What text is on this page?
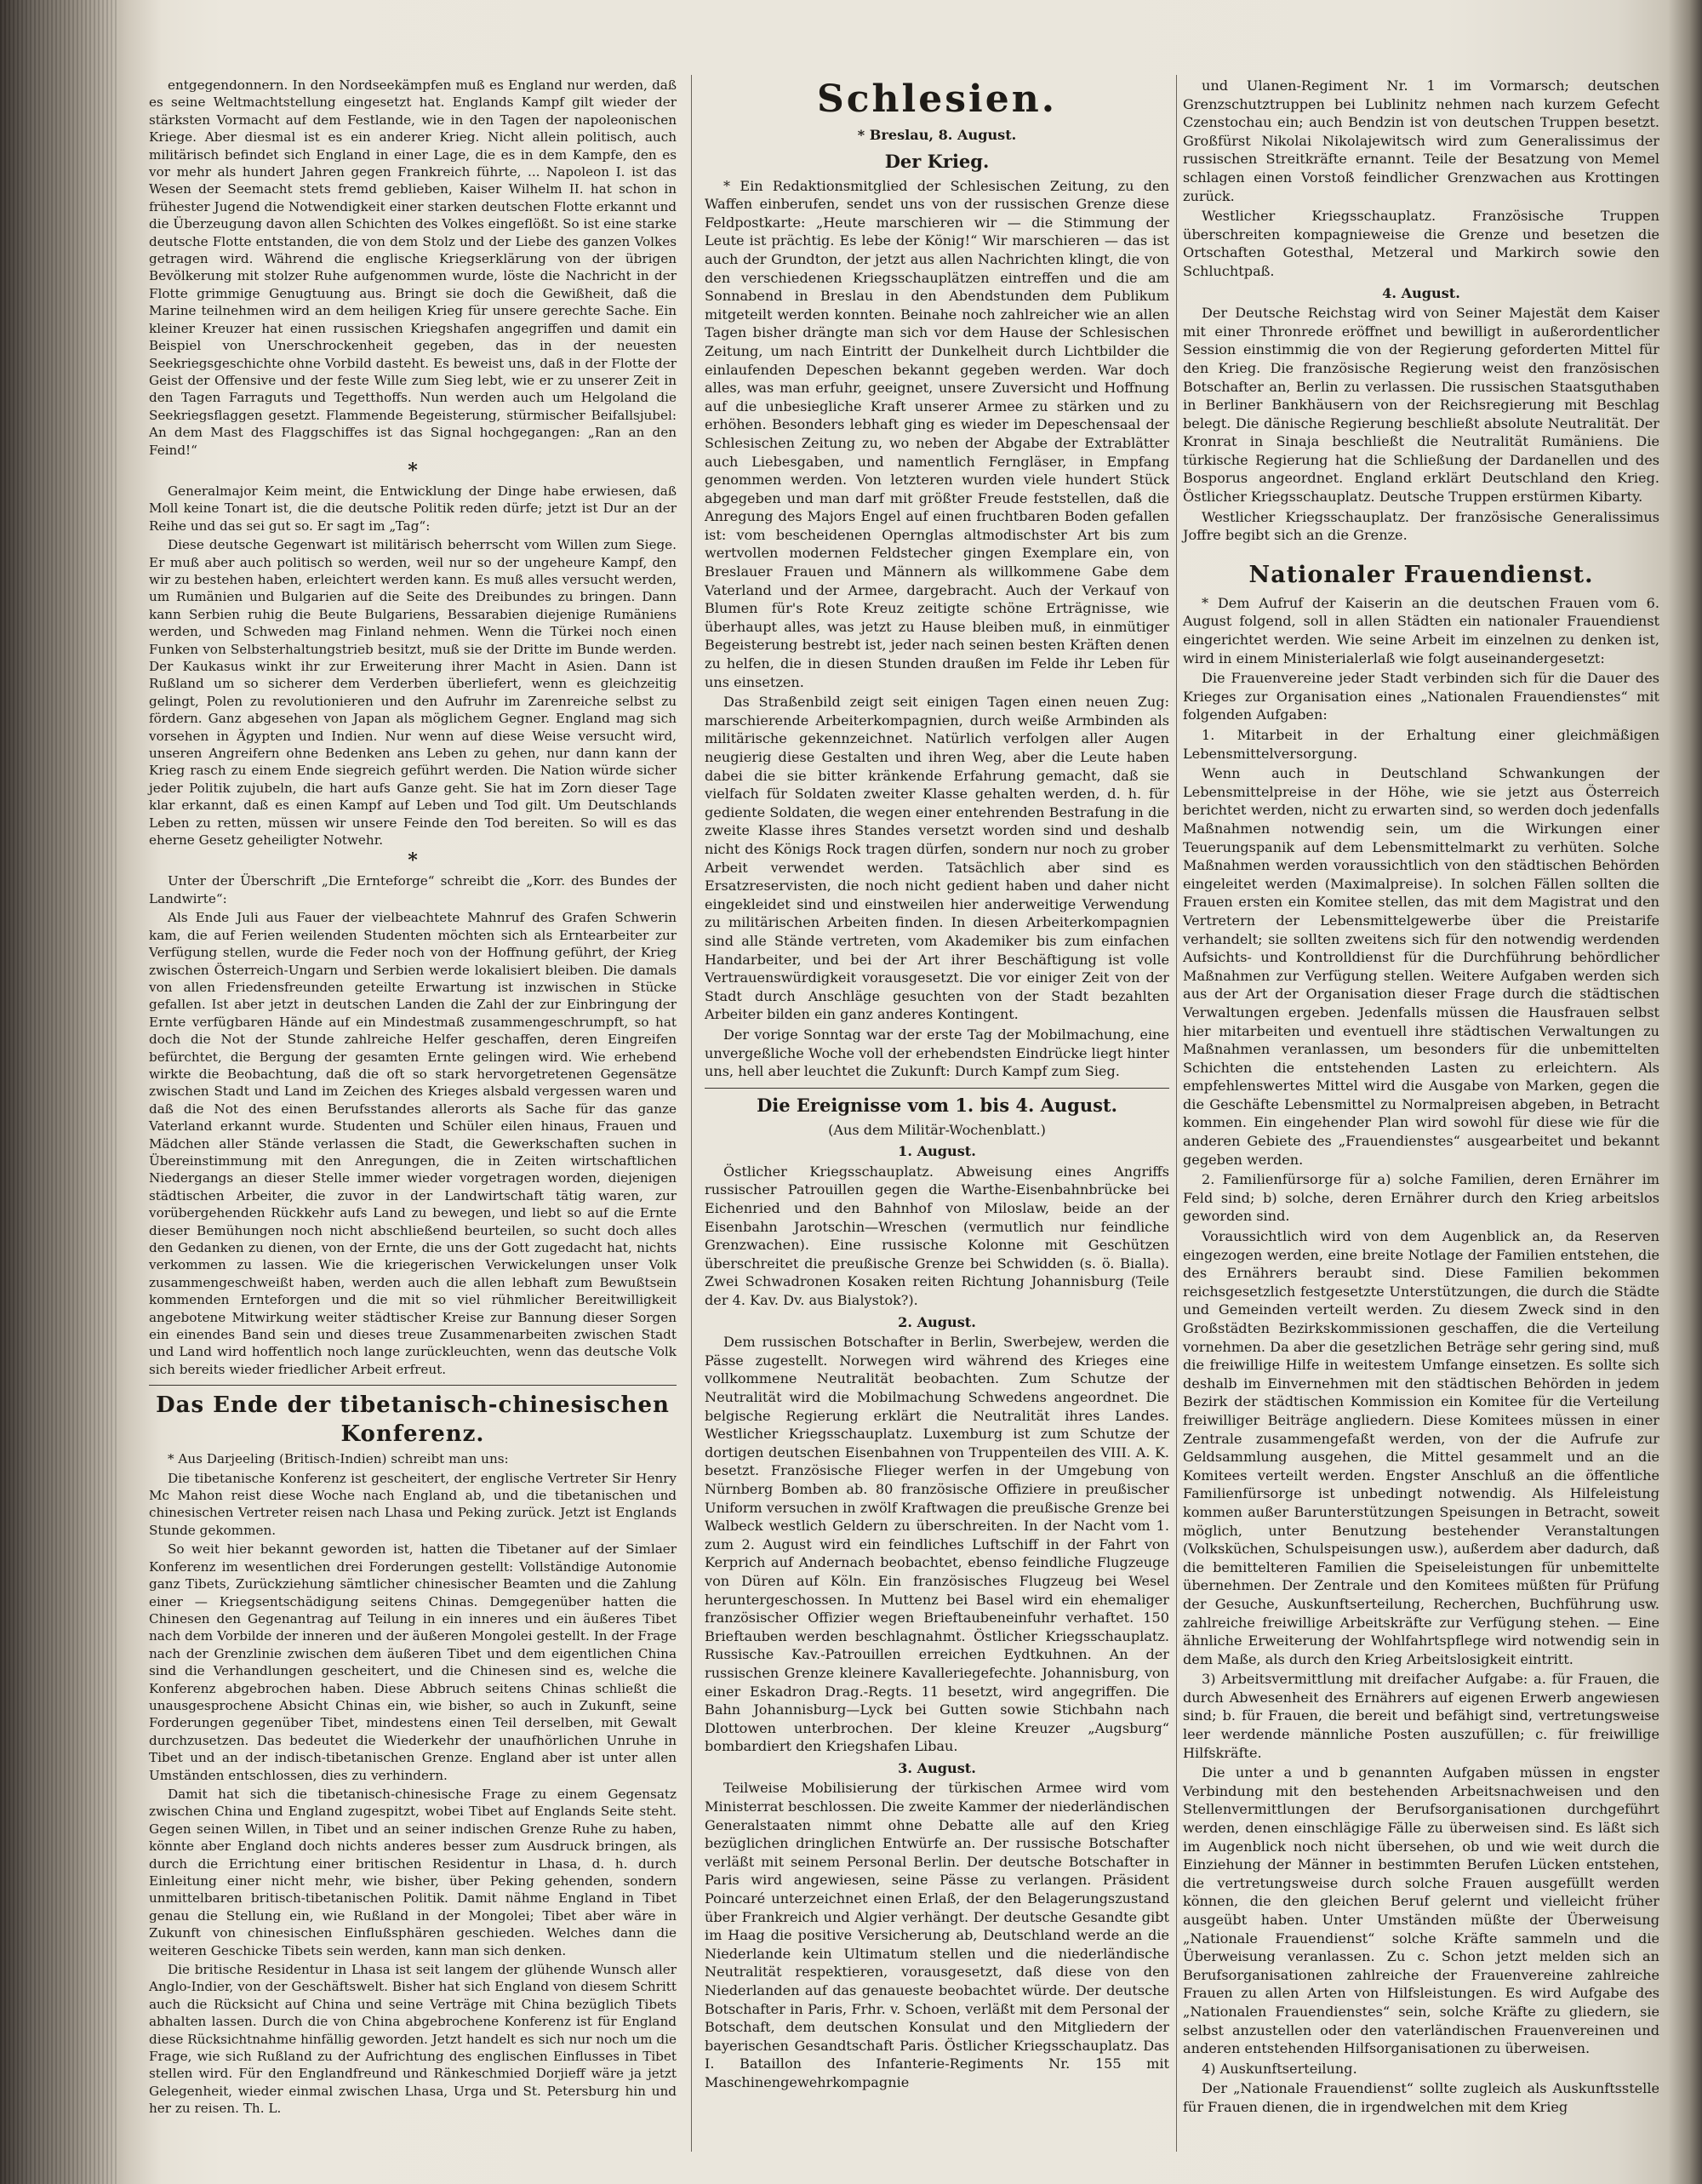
entgegendonnern. In den Nordseekämpfen muß es England nur werden, daß es seine Weltmachtstellung eingesetzt hat. Englands Kampf gilt wieder der stärksten Vormacht auf dem Festlande, wie in den Tagen der napoleonischen Kriege. Aber diesmal ist es ein anderer Krieg. Nicht allein politisch, auch militärisch befindet sich England in einer Lage, die es in dem Kampfe, den es vor mehr als hundert Jahren gegen Frankreich führte, ... Napoleon I. ist das Wesen der Seemacht stets fremd geblieben, Kaiser Wilhelm II. hat schon in frühester Jugend die Notwendigkeit einer starken deutschen Flotte erkannt und die Überzeugung davon allen Schichten des Volkes eingeflößt. So ist eine starke deutsche Flotte entstanden, die von dem Stolz und der Liebe des ganzen Volkes getragen wird. Während die englische Kriegserklärung von der übrigen Bevölkerung mit stolzer Ruhe aufgenommen wurde, löste die Nachricht in der Flotte grimmige Genugtuung aus. Bringt sie doch die Gewißheit, daß die Marine teilnehmen wird an dem heiligen Krieg für unsere gerechte Sache. Ein kleiner Kreuzer hat einen russischen Kriegshafen angegriffen und damit ein Beispiel von Unerschrockenheit gegeben, das in der neuesten Seekriegsgeschichte ohne Vorbild dasteht. Es beweist uns, daß in der Flotte der Geist der Offensive und der feste Wille zum Sieg lebt, wie er zu unserer Zeit in den Tagen Farraguts und Tegetthoffs. Nun werden auch um Helgoland die Seekriegsflaggen gesetzt. Flammende Begeisterung, stürmischer Beifallsjubel: An dem Mast des Flaggschiffes ist das Signal hochgegangen: „Ran an den Feind!“

*

Generalmajor Keim meint, die Entwicklung der Dinge habe erwiesen, daß Moll keine Tonart ist, die die deutsche Politik reden dürfe; jetzt ist Dur an der Reihe und das sei gut so. Er sagt im „Tag“:

Diese deutsche Gegenwart ist militärisch beherrscht vom Willen zum Siege. Er muß aber auch politisch so werden, weil nur so der ungeheure Kampf, den wir zu bestehen haben, erleichtert werden kann. Es muß alles versucht werden, um Rumänien und Bulgarien auf die Seite des Dreibundes zu bringen. Dann kann Serbien ruhig die Beute Bulgariens, Bessarabien diejenige Rumäniens werden, und Schweden mag Finland nehmen. Wenn die Türkei noch einen Funken von Selbsterhaltungstrieb besitzt, muß sie der Dritte im Bunde werden. Der Kaukasus winkt ihr zur Erweiterung ihrer Macht in Asien. Dann ist Rußland um so sicherer dem Verderben überliefert, wenn es gleichzeitig gelingt, Polen zu revolutionieren und den Aufruhr im Zarenreiche selbst zu fördern. Ganz abgesehen von Japan als möglichem Gegner. England mag sich vorsehen in Ägypten und Indien. Nur wenn auf diese Weise versucht wird, unseren Angreifern ohne Bedenken ans Leben zu gehen, nur dann kann der Krieg rasch zu einem Ende siegreich geführt werden. Die Nation würde sicher jeder Politik zujubeln, die hart aufs Ganze geht. Sie hat im Zorn dieser Tage klar erkannt, daß es einen Kampf auf Leben und Tod gilt. Um Deutschlands Leben zu retten, müssen wir unsere Feinde den Tod bereiten. So will es das eherne Gesetz geheiligter Notwehr.

*

Unter der Überschrift „Die Ernteforge“ schreibt die „Korr. des Bundes der Landwirte“:

Als Ende Juli aus Fauer der vielbeachtete Mahnruf des Grafen Schwerin kam, die auf Ferien weilenden Studenten möchten sich als Erntearbeiter zur Verfügung stellen, wurde die Feder noch von der Hoffnung geführt, der Krieg zwischen Österreich-Ungarn und Serbien werde lokalisiert bleiben. Die damals von allen Friedensfreunden geteilte Erwartung ist inzwischen in Stücke gefallen. Ist aber jetzt in deutschen Landen die Zahl der zur Einbringung der Ernte verfügbaren Hände auf ein Mindestmaß zusammengeschrumpft, so hat doch die Not der Stunde zahlreiche Helfer geschaffen, deren Eingreifen befürchtet, die Bergung der gesamten Ernte gelingen wird. Wie erhebend wirkte die Beobachtung, daß die oft so stark hervorgetretenen Gegensätze zwischen Stadt und Land im Zeichen des Krieges alsbald vergessen waren und daß die Not des einen Berufsstandes allerorts als Sache für das ganze Vaterland erkannt wurde. Studenten und Schüler eilen hinaus, Frauen und Mädchen aller Stände verlassen die Stadt, die Gewerkschaften suchen in Übereinstimmung mit den Anregungen, die in Zeiten wirtschaftlichen Niedergangs an dieser Stelle immer wieder vorgetragen worden, diejenigen städtischen Arbeiter, die zuvor in der Landwirtschaft tätig waren, zur vorübergehenden Rückkehr aufs Land zu bewegen, und liebt so auf die Ernte dieser Bemühungen noch nicht abschließend beurteilen, so sucht doch alles den Gedanken zu dienen, von der Ernte, die uns der Gott zugedacht hat, nichts verkommen zu lassen. Wie die kriegerischen Verwickelungen unser Volk zusammengeschweißt haben, werden auch die allen lebhaft zum Bewußtsein kommenden Ernteforgen und die mit so viel rühmlicher Bereitwilligkeit angebotene Mitwirkung weiter städtischer Kreise zur Bannung dieser Sorgen ein einendes Band sein und dieses treue Zusammenarbeiten zwischen Stadt und Land wird hoffentlich noch lange zurückleuchten, wenn das deutsche Volk sich bereits wieder friedlicher Arbeit erfreut.

Das Ende der tibetanisch-chinesischen Konferenz.

* Aus Darjeeling (Britisch-Indien) schreibt man uns:

Die tibetanische Konferenz ist gescheitert, der englische Vertreter Sir Henry Mc Mahon reist diese Woche nach England ab, und die tibetanischen und chinesischen Vertreter reisen nach Lhasa und Peking zurück. Jetzt ist Englands Stunde gekommen.

So weit hier bekannt geworden ist, hatten die Tibetaner auf der Simlaer Konferenz im wesentlichen drei Forderungen gestellt: Vollständige Autonomie ganz Tibets, Zurückziehung sämtlicher chinesischer Beamten und die Zahlung einer — Kriegsentschädigung seitens Chinas. Demgegenüber hatten die Chinesen den Gegenantrag auf Teilung in ein inneres und ein äußeres Tibet nach dem Vorbilde der inneren und der äußeren Mongolei gestellt. In der Frage nach der Grenzlinie zwischen dem äußeren Tibet und dem eigentlichen China sind die Verhandlungen gescheitert, und die Chinesen sind es, welche die Konferenz abgebrochen haben. Diese Abbruch seitens Chinas schließt die unausgesprochene Absicht Chinas ein, wie bisher, so auch in Zukunft, seine Forderungen gegenüber Tibet, mindestens einen Teil derselben, mit Gewalt durchzusetzen. Das bedeutet die Wiederkehr der unaufhörlichen Unruhe in Tibet und an der indisch-tibetanischen Grenze. England aber ist unter allen Umständen entschlossen, dies zu verhindern.

Damit hat sich die tibetanisch-chinesische Frage zu einem Gegensatz zwischen China und England zugespitzt, wobei Tibet auf Englands Seite steht. Gegen seinen Willen, in Tibet und an seiner indischen Grenze Ruhe zu haben, könnte aber England doch nichts anderes besser zum Ausdruck bringen, als durch die Errichtung einer britischen Residentur in Lhasa, d. h. durch Einleitung einer nicht mehr, wie bisher, über Peking gehenden, sondern unmittelbaren britisch-tibetanischen Politik. Damit nähme England in Tibet genau die Stellung ein, wie Rußland in der Mongolei; Tibet aber wäre in Zukunft von chinesischen Einflußsphären geschieden. Welches dann die weiteren Geschicke Tibets sein werden, kann man sich denken.

Die britische Residentur in Lhasa ist seit langem der glühende Wunsch aller Anglo-Indier, von der Geschäftswelt. Bisher hat sich England von diesem Schritt auch die Rücksicht auf China und seine Verträge mit China bezüglich Tibets abhalten lassen. Durch die von China abgebrochene Konferenz ist für England diese Rücksichtnahme hinfällig geworden. Jetzt handelt es sich nur noch um die Frage, wie sich Rußland zu der Aufrichtung des englischen Einflusses in Tibet stellen wird. Für den Englandfreund und Ränkeschmied Dorjieff wäre ja jetzt Gelegenheit, wieder einmal zwischen Lhasa, Urga und St. Petersburg hin und her zu reisen. Th. L.

Schlesien.
* Breslau, 8. August.
Der Krieg.

* Ein Redaktionsmitglied der Schlesischen Zeitung, zu den Waffen einberufen, sendet uns von der russischen Grenze diese Feldpostkarte: „Heute marschieren wir — die Stimmung der Leute ist prächtig. Es lebe der König!“ Wir marschieren — das ist auch der Grundton, der jetzt aus allen Nachrichten klingt, die von den verschiedenen Kriegsschauplätzen eintreffen und die am Sonnabend in Breslau in den Abendstunden dem Publikum mitgeteilt werden konnten. Beinahe noch zahlreicher wie an allen Tagen bisher drängte man sich vor dem Hause der Schlesischen Zeitung, um nach Eintritt der Dunkelheit durch Lichtbilder die einlaufenden Depeschen bekannt gegeben werden. War doch alles, was man erfuhr, geeignet, unsere Zuversicht und Hoffnung auf die unbesiegliche Kraft unserer Armee zu stärken und zu erhöhen. Besonders lebhaft ging es wieder im Depeschensaal der Schlesischen Zeitung zu, wo neben der Abgabe der Extrablätter auch Liebesgaben, und namentlich Ferngläser, in Empfang genommen werden. Von letzteren wurden viele hundert Stück abgegeben und man darf mit größter Freude feststellen, daß die Anregung des Majors Engel auf einen fruchtbaren Boden gefallen ist: vom bescheidenen Opernglas altmodischster Art bis zum wertvollen modernen Feldstecher gingen Exemplare ein, von Breslauer Frauen und Männern als willkommene Gabe dem Vaterland und der Armee, dargebracht. Auch der Verkauf von Blumen für's Rote Kreuz zeitigte schöne Erträgnisse, wie überhaupt alles, was jetzt zu Hause bleiben muß, in einmütiger Begeisterung bestrebt ist, jeder nach seinen besten Kräften denen zu helfen, die in diesen Stunden draußen im Felde ihr Leben für uns einsetzen.

Das Straßenbild zeigt seit einigen Tagen einen neuen Zug: marschierende Arbeiterkompagnien, durch weiße Armbinden als militärische gekennzeichnet. Natürlich verfolgen aller Augen neugierig diese Gestalten und ihren Weg, aber die Leute haben dabei die sie bitter kränkende Erfahrung gemacht, daß sie vielfach für Soldaten zweiter Klasse gehalten werden, d. h. für gediente Soldaten, die wegen einer entehrenden Bestrafung in die zweite Klasse ihres Standes versetzt worden sind und deshalb nicht des Königs Rock tragen dürfen, sondern nur noch zu grober Arbeit verwendet werden. Tatsächlich aber sind es Ersatzreservisten, die noch nicht gedient haben und daher nicht eingekleidet sind und einstweilen hier anderweitige Verwendung zu militärischen Arbeiten finden. In diesen Arbeiterkompagnien sind alle Stände vertreten, vom Akademiker bis zum einfachen Handarbeiter, und bei der Art ihrer Beschäftigung ist volle Vertrauenswürdigkeit vorausgesetzt. Die vor einiger Zeit von der Stadt durch Anschläge gesuchten von der Stadt bezahlten Arbeiter bilden ein ganz anderes Kontingent.

Der vorige Sonntag war der erste Tag der Mobilmachung, eine unvergeßliche Woche voll der erhebendsten Eindrücke liegt hinter uns, hell aber leuchtet die Zukunft: Durch Kampf zum Sieg.

Die Ereignisse vom 1. bis 4. August.
(Aus dem Militär-Wochenblatt.)
1. August.

Östlicher Kriegsschauplatz. Abweisung eines Angriffs russischer Patrouillen gegen die Warthe-Eisenbahnbrücke bei Eichenried und den Bahnhof von Miloslaw, beide an der Eisenbahn Jarotschin—Wreschen (vermutlich nur feindliche Grenzwachen). Eine russische Kolonne mit Geschützen überschreitet die preußische Grenze bei Schwidden (s. ö. Bialla). Zwei Schwadronen Kosaken reiten Richtung Johannisburg (Teile der 4. Kav. Dv. aus Bialystok?).

2. August.

Dem russischen Botschafter in Berlin, Swerbejew, werden die Pässe zugestellt. Norwegen wird während des Krieges eine vollkommene Neutralität beobachten. Zum Schutze der Neutralität wird die Mobilmachung Schwedens angeordnet. Die belgische Regierung erklärt die Neutralität ihres Landes. Westlicher Kriegsschauplatz. Luxemburg ist zum Schutze der dortigen deutschen Eisenbahnen von Truppenteilen des VIII. A. K. besetzt. Französische Flieger werfen in der Umgebung von Nürnberg Bomben ab. 80 französische Offiziere in preußischer Uniform versuchen in zwölf Kraftwagen die preußische Grenze bei Walbeck westlich Geldern zu überschreiten. In der Nacht vom 1. zum 2. August wird ein feindliches Luftschiff in der Fahrt von Kerprich auf Andernach beobachtet, ebenso feindliche Flugzeuge von Düren auf Köln. Ein französisches Flugzeug bei Wesel heruntergeschossen. In Muttenz bei Basel wird ein ehemaliger französischer Offizier wegen Brieftaubeneinfuhr verhaftet. 150 Brieftauben werden beschlagnahmt. Östlicher Kriegsschauplatz. Russische Kav.-Patrouillen erreichen Eydtkuhnen. An der russischen Grenze kleinere Kavalleriegefechte. Johannisburg, von einer Eskadron Drag.-Regts. 11 besetzt, wird angegriffen. Die Bahn Johannisburg—Lyck bei Gutten sowie Stichbahn nach Dlottowen unterbrochen. Der kleine Kreuzer „Augsburg“ bombardiert den Kriegshafen Libau.

3. August.

Teilweise Mobilisierung der türkischen Armee wird vom Ministerrat beschlossen. Die zweite Kammer der niederländischen Generalstaaten nimmt ohne Debatte alle auf den Krieg bezüglichen dringlichen Entwürfe an. Der russische Botschafter verläßt mit seinem Personal Berlin. Der deutsche Botschafter in Paris wird angewiesen, seine Pässe zu verlangen. Präsident Poincaré unterzeichnet einen Erlaß, der den Belagerungszustand über Frankreich und Algier verhängt. Der deutsche Gesandte gibt im Haag die positive Versicherung ab, Deutschland werde an die Niederlande kein Ultimatum stellen und die niederländische Neutralität respektieren, vorausgesetzt, daß diese von den Niederlanden auf das genaueste beobachtet würde. Der deutsche Botschafter in Paris, Frhr. v. Schoen, verläßt mit dem Personal der Botschaft, dem deutschen Konsulat und den Mitgliedern der bayerischen Gesandtschaft Paris. Östlicher Kriegsschauplatz. Das I. Bataillon des Infanterie-Regiments Nr. 155 mit Maschinengewehrkompagnie

und Ulanen-Regiment Nr. 1 im Vormarsch; deutschen Grenzschutztruppen bei Lublinitz nehmen nach kurzem Gefecht Czenstochau ein; auch Bendzin ist von deutschen Truppen besetzt. Großfürst Nikolai Nikolajewitsch wird zum Generalissimus der russischen Streitkräfte ernannt. Teile der Besatzung von Memel schlagen einen Vorstoß feindlicher Grenzwachen aus Krottingen zurück.

Westlicher Kriegsschauplatz. Französische Truppen überschreiten kompagnieweise die Grenze und besetzen die Ortschaften Gotesthal, Metzeral und Markirch sowie den Schluchtpaß.

4. August.

Der Deutsche Reichstag wird von Seiner Majestät dem Kaiser mit einer Thronrede eröffnet und bewilligt in außerordentlicher Session einstimmig die von der Regierung geforderten Mittel für den Krieg. Die französische Regierung weist den französischen Botschafter an, Berlin zu verlassen. Die russischen Staatsguthaben in Berliner Bankhäusern von der Reichsregierung mit Beschlag belegt. Die dänische Regierung beschließt absolute Neutralität. Der Kronrat in Sinaja beschließt die Neutralität Rumäniens. Die türkische Regierung hat die Schließung der Dardanellen und des Bosporus angeordnet. England erklärt Deutschland den Krieg. Östlicher Kriegsschauplatz. Deutsche Truppen erstürmen Kibarty.

Westlicher Kriegsschauplatz. Der französische Generalissimus Joffre begibt sich an die Grenze.

Nationaler Frauendienst.

* Dem Aufruf der Kaiserin an die deutschen Frauen vom 6. August folgend, soll in allen Städten ein nationaler Frauendienst eingerichtet werden. Wie seine Arbeit im einzelnen zu denken ist, wird in einem Ministerialerlaß wie folgt auseinandergesetzt:

Die Frauenvereine jeder Stadt verbinden sich für die Dauer des Krieges zur Organisation eines „Nationalen Frauendienstes“ mit folgenden Aufgaben:

1. Mitarbeit in der Erhaltung einer gleichmäßigen Lebensmittelversorgung.

Wenn auch in Deutschland Schwankungen der Lebensmittelpreise in der Höhe, wie sie jetzt aus Österreich berichtet werden, nicht zu erwarten sind, so werden doch jedenfalls Maßnahmen notwendig sein, um die Wirkungen einer Teuerungspanik auf dem Lebensmittelmarkt zu verhüten. Solche Maßnahmen werden voraussichtlich von den städtischen Behörden eingeleitet werden (Maximalpreise). In solchen Fällen sollten die Frauen ersten ein Komitee stellen, das mit dem Magistrat und den Vertretern der Lebensmittelgewerbe über die Preistarife verhandelt; sie sollten zweitens sich für den notwendig werdenden Aufsichts- und Kontrolldienst für die Durchführung behördlicher Maßnahmen zur Verfügung stellen. Weitere Aufgaben werden sich aus der Art der Organisation dieser Frage durch die städtischen Verwaltungen ergeben. Jedenfalls müssen die Hausfrauen selbst hier mitarbeiten und eventuell ihre städtischen Verwaltungen zu Maßnahmen veranlassen, um besonders für die unbemittelten Schichten die entstehenden Lasten zu erleichtern. Als empfehlenswertes Mittel wird die Ausgabe von Marken, gegen die die Geschäfte Lebensmittel zu Normalpreisen abgeben, in Betracht kommen. Ein eingehender Plan wird sowohl für diese wie für die anderen Gebiete des „Frauendienstes“ ausgearbeitet und bekannt gegeben werden.

2. Familienfürsorge für a) solche Familien, deren Ernährer im Feld sind; b) solche, deren Ernährer durch den Krieg arbeitslos geworden sind.

Voraussichtlich wird von dem Augenblick an, da Reserven eingezogen werden, eine breite Notlage der Familien entstehen, die des Ernährers beraubt sind. Diese Familien bekommen reichsgesetzlich festgesetzte Unterstützungen, die durch die Städte und Gemeinden verteilt werden. Zu diesem Zweck sind in den Großstädten Bezirkskommissionen geschaffen, die die Verteilung vornehmen. Da aber die gesetzlichen Beträge sehr gering sind, muß die freiwillige Hilfe in weitestem Umfange einsetzen. Es sollte sich deshalb im Einvernehmen mit den städtischen Behörden in jedem Bezirk der städtischen Kommission ein Komitee für die Verteilung freiwilliger Beiträge angliedern. Diese Komitees müssen in einer Zentrale zusammengefaßt werden, von der die Aufrufe zur Geldsammlung ausgehen, die Mittel gesammelt und an die Komitees verteilt werden. Engster Anschluß an die öffentliche Familienfürsorge ist unbedingt notwendig. Als Hilfeleistung kommen außer Barunterstützungen Speisungen in Betracht, soweit möglich, unter Benutzung bestehender Veranstaltungen (Volksküchen, Schulspeisungen usw.), außerdem aber dadurch, daß die bemittelteren Familien die Speiseleistungen für unbemittelte übernehmen. Der Zentrale und den Komitees müßten für Prüfung der Gesuche, Auskunftserteilung, Recherchen, Buchführung usw. zahlreiche freiwillige Arbeitskräfte zur Verfügung stehen. — Eine ähnliche Erweiterung der Wohlfahrtspflege wird notwendig sein in dem Maße, als durch den Krieg Arbeitslosigkeit eintritt.

3) Arbeitsvermittlung mit dreifacher Aufgabe: a. für Frauen, die durch Abwesenheit des Ernährers auf eigenen Erwerb angewiesen sind; b. für Frauen, die bereit und befähigt sind, vertretungsweise leer werdende männliche Posten auszufüllen; c. für freiwillige Hilfskräfte.

Die unter a und b genannten Aufgaben müssen in engster Verbindung mit den bestehenden Arbeitsnachweisen und den Stellenvermittlungen der Berufsorganisationen durchgeführt werden, denen einschlägige Fälle zu überweisen sind. Es läßt sich im Augenblick noch nicht übersehen, ob und wie weit durch die Einziehung der Männer in bestimmten Berufen Lücken entstehen, die vertretungsweise durch solche Frauen ausgefüllt werden können, die den gleichen Beruf gelernt und vielleicht früher ausgeübt haben. Unter Umständen müßte der Überweisung „Nationale Frauendienst“ solche Kräfte sammeln und die Überweisung veranlassen. Zu c. Schon jetzt melden sich an Berufsorganisationen zahlreiche der Frauenvereine zahlreiche Frauen zu allen Arten von Hilfsleistungen. Es wird Aufgabe des „Nationalen Frauendienstes“ sein, solche Kräfte zu gliedern, sie selbst anzustellen oder den vaterländischen Frauenvereinen und anderen entstehenden Hilfsorganisationen zu überweisen.

4) Auskunftserteilung.

Der „Nationale Frauendienst“ sollte zugleich als Auskunftsstelle für Frauen dienen, die in irgendwelchen mit dem Krieg
